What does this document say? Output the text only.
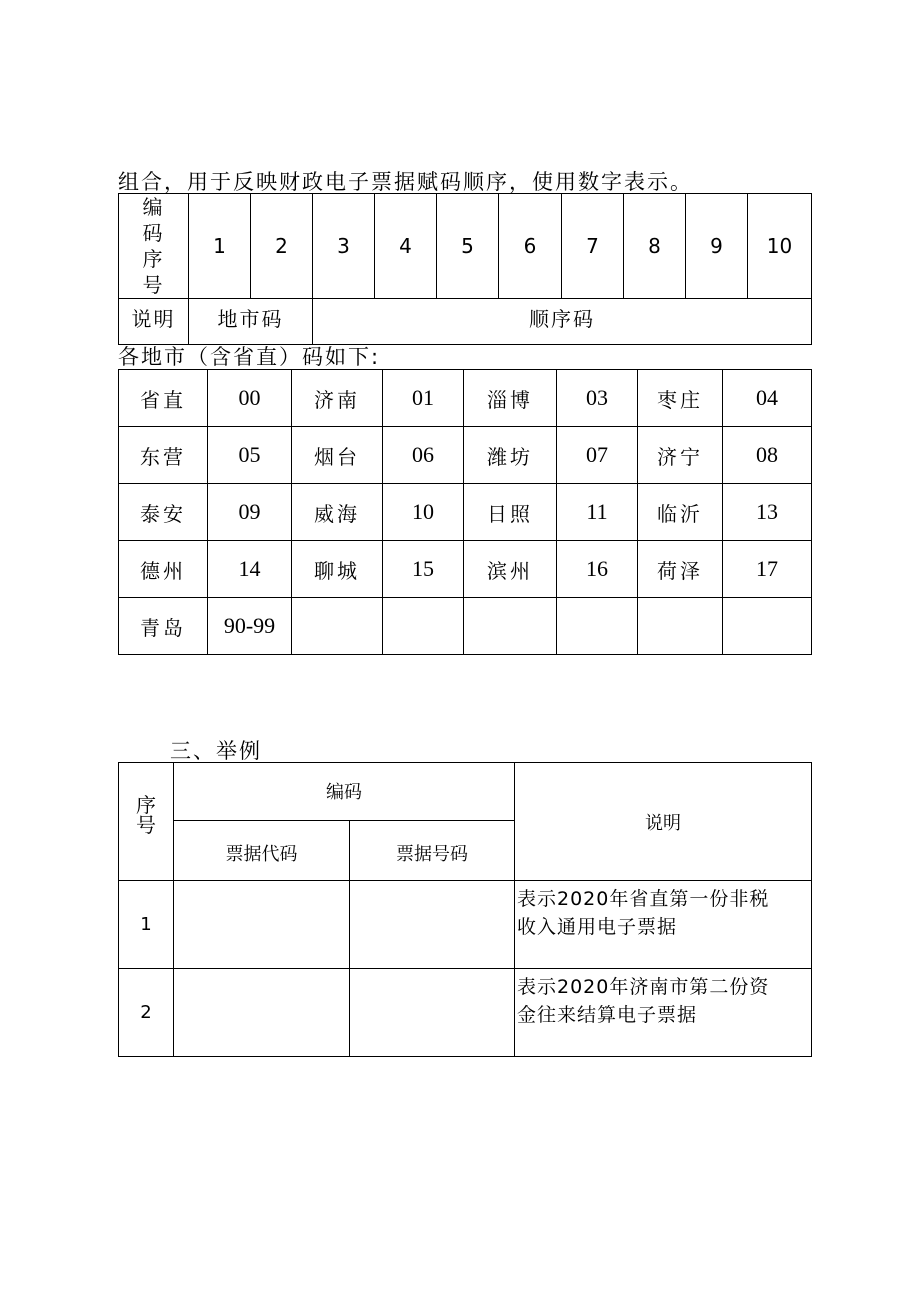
组合，用于反映财政电子票据赋码顺序，使用数字表示。
编码序号	1	2	3	4	5	6	7	8	9	10
说明	地市码		顺序码							
各地市（含省直）码如下:
省直	00	济南	01	淄博	03	枣庄	04
东营	05	烟台	06	潍坊	07	济宁	08
泰安	09	威海	10	日照	11	临沂	13
德州	14	聊城	15	滨州	16	荷泽	17
青岛	90-99						
三、举例
序号	编码		说明
	票据代码	票据号码	
1			表示2020年省直第一份非税
收入通用电子票据

2			表示2020年济南市第二份资
金往来结算电子票据
